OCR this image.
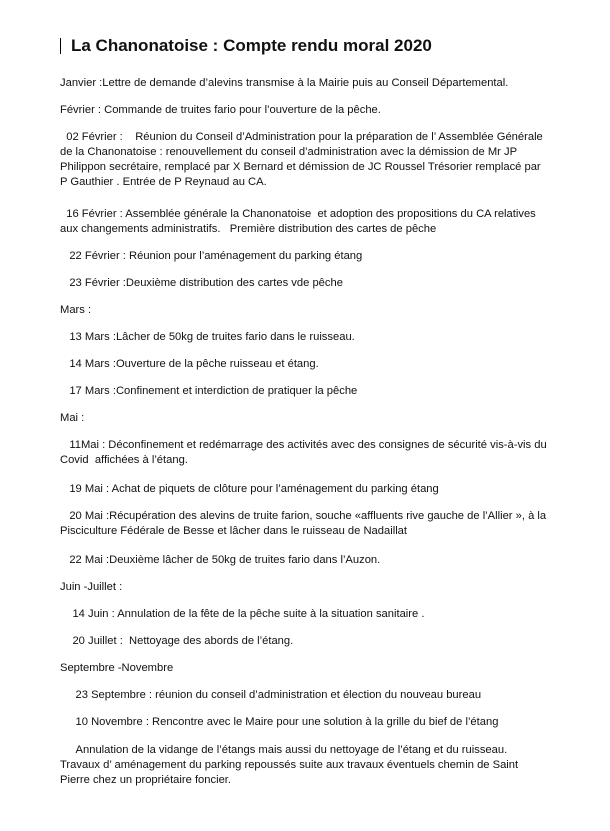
La Chanonatoise : Compte rendu moral 2020

Janvier :Lettre de demande d’alevins transmise à la Mairie puis au Conseil Départemental.

Février : Commande de truites fario pour l’ouverture de la pêche.

02 Février :    Réunion du Conseil d’Administration pour la préparation de l’ Assemblée Générale de la Chanonatoise : renouvellement du conseil d’administration avec la démission de Mr JP Philippon secrétaire, remplacé par X Bernard et démission de JC Roussel Trésorier remplacé par P Gauthier . Entrée de P Reynaud au CA.

16 Février : Assemblée générale la Chanonatoise  et adoption des propositions du CA relatives aux changements administratifs.   Première distribution des cartes de pêche

22 Février : Réunion pour l’aménagement du parking étang

23 Février :Deuxième distribution des cartes vde pêche

Mars :

13 Mars :Lâcher de 50kg de truites fario dans le ruisseau.

14 Mars :Ouverture de la pêche ruisseau et étang.

17 Mars :Confinement et interdiction de pratiquer la pêche

Mai :

11Mai : Déconfinement et redémarrage des activités avec des consignes de sécurité vis-à-vis du Covid  affichées à l’étang.

19 Mai : Achat de piquets de clôture pour l’aménagement du parking étang

20 Mai :Récupération des alevins de truite farion, souche «affluents rive gauche de l’Allier », à la Pisciculture Fédérale de Besse et lâcher dans le ruisseau de Nadaillat

22 Mai :Deuxième lâcher de 50kg de truites fario dans l’Auzon.

Juin -Juillet :

14 Juin : Annulation de la fête de la pêche suite à la situation sanitaire .

20 Juillet :  Nettoyage des abords de l’étang.

Septembre -Novembre

23 Septembre : réunion du conseil d’administration et élection du nouveau bureau

10 Novembre : Rencontre avec le Maire pour une solution à la grille du bief de l’étang

Annulation de la vidange de l’étangs mais aussi du nettoyage de l’étang et du ruisseau. Travaux d’ aménagement du parking repoussés suite aux travaux éventuels chemin de Saint Pierre chez un propriétaire foncier.
